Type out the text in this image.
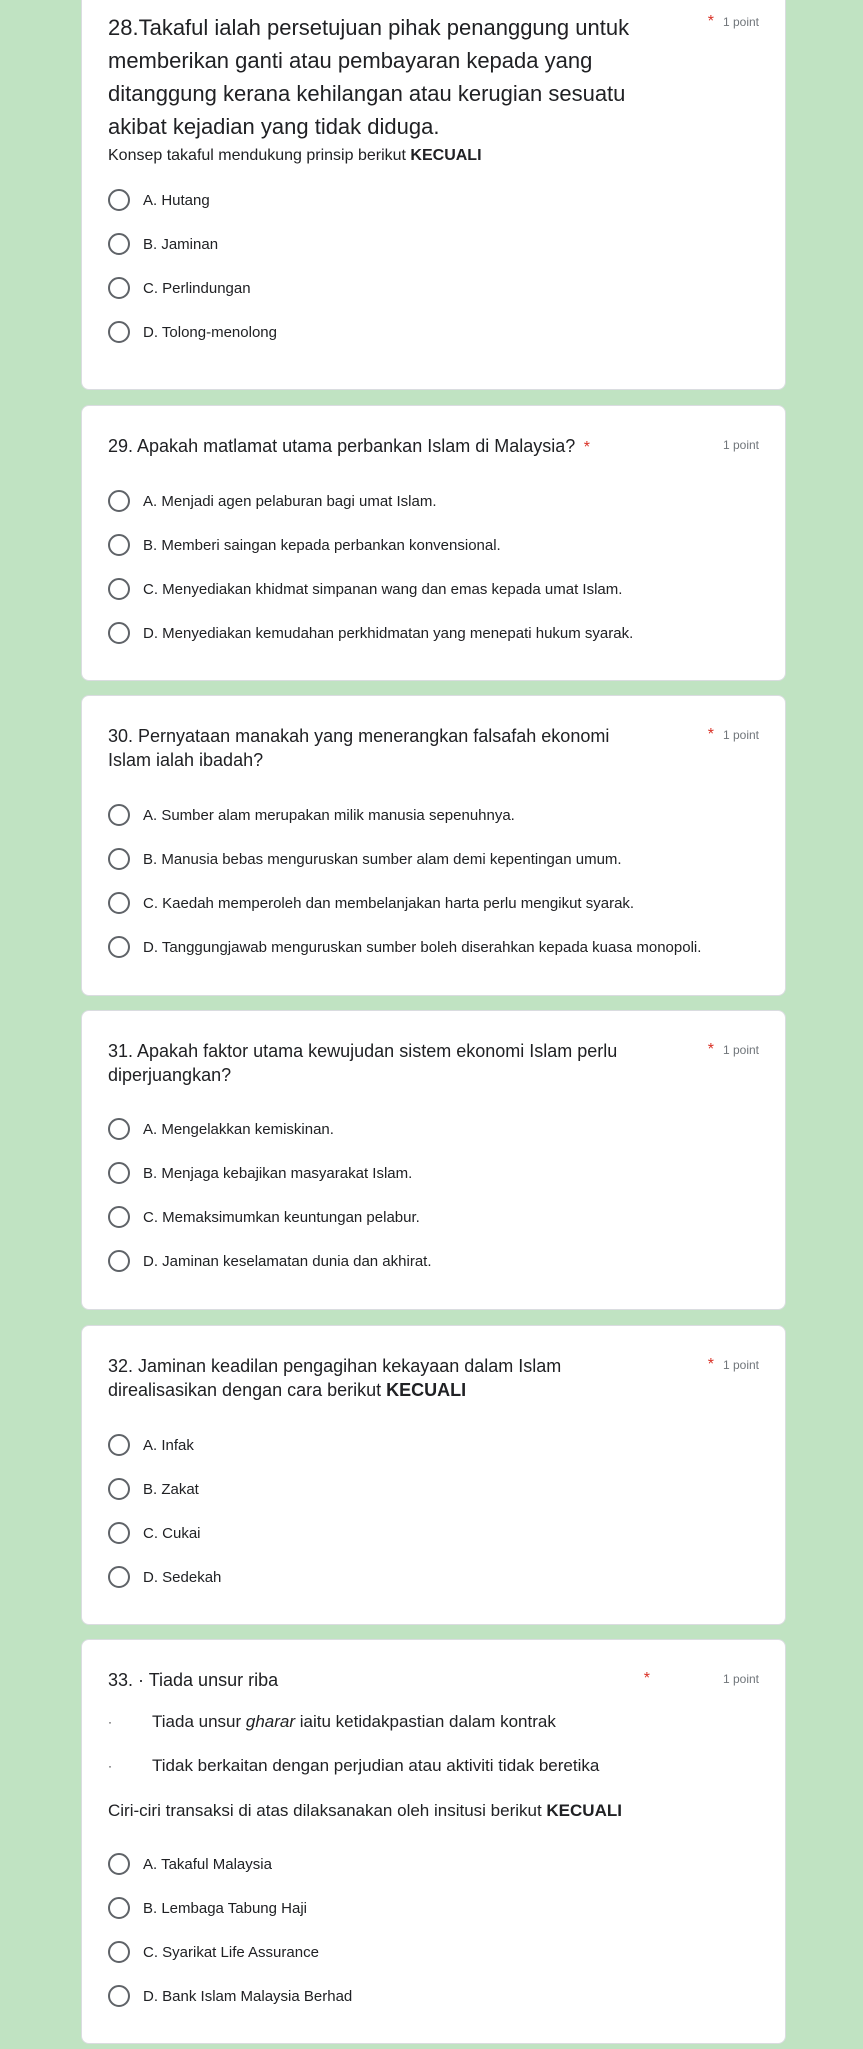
28.Takaful ialah persetujuan pihak penanggung untuk memberikan ganti atau pembayaran kepada yang ditanggung kerana kehilangan atau kerugian sesuatu akibat kejadian yang tidak diduga.
* 1 point
Konsep takaful mendukung prinsip berikut KECUALI
A. Hutang
B. Jaminan
C. Perlindungan
D. Tolong-menolong
29. Apakah matlamat utama perbankan Islam di Malaysia? *	1 point
A. Menjadi agen pelaburan bagi umat Islam.
B. Memberi saingan kepada perbankan konvensional.
C. Menyediakan khidmat simpanan wang dan emas kepada umat Islam.
D. Menyediakan kemudahan perkhidmatan yang menepati hukum syarak.
30. Pernyataan manakah yang menerangkan falsafah ekonomi Islam ialah ibadah?
* 1 point
A. Sumber alam merupakan milik manusia sepenuhnya.
B. Manusia bebas menguruskan sumber alam demi kepentingan umum.
C. Kaedah memperoleh dan membelanjakan harta perlu mengikut syarak.
D. Tanggungjawab menguruskan sumber boleh diserahkan kepada kuasa monopoli.
31. Apakah faktor utama kewujudan sistem ekonomi Islam perlu diperjuangkan?
* 1 point
A. Mengelakkan kemiskinan.
B. Menjaga kebajikan masyarakat Islam.
C. Memaksimumkan keuntungan pelabur.
D. Jaminan keselamatan dunia dan akhirat.
32. Jaminan keadilan pengagihan kekayaan dalam Islam direalisasikan dengan cara berikut KECUALI
* 1 point
A. Infak
B. Zakat
C. Cukai
D. Sedekah
33. · Tiada unsur riba	*	1 point
·	Tiada unsur gharar iaitu ketidakpastian dalam kontrak
·	Tidak berkaitan dengan perjudian atau aktiviti tidak beretika
Ciri-ciri transaksi di atas dilaksanakan oleh insitusi berikut KECUALI
A. Takaful Malaysia
B. Lembaga Tabung Haji
C. Syarikat Life Assurance
D. Bank Islam Malaysia Berhad
